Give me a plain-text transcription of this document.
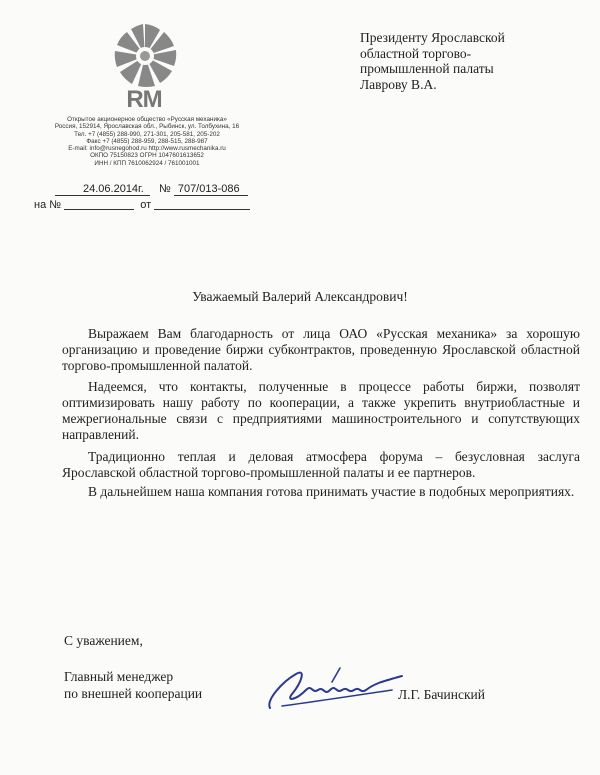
RM
Открытое акционерное общество «Русская механика»
Россия, 152914, Ярославская обл., Рыбинск, ул. Толбухина, 16
Тел. +7 (4855) 288-990, 271-301, 205-581, 205-202
Факс +7 (4855) 288-959, 288-515, 288-987
E-mail: info@rusnegohod.ru http://www.rusmechanika.ru
ОКПО 75150823 ОГРН 1047601613652
ИНН / КПП 7610062924 / 761001001
24.06.2014г. № 707/013-086
на №	от
Президенту Ярославской
областной торгово-
промышленной палаты
Лаврову В.А.
Уважаемый Валерий Александрович!
Выражаем Вам благодарность от лица ОАО «Русская механика» за хорошую организацию и проведение биржи субконтрактов, проведенную Ярославской областной торгово-промышленной палатой.
Надеемся, что контакты, полученные в процессе работы биржи, позволят оптимизировать нашу работу по кооперации, а также укрепить внутриобластные и межрегиональные связи с предприятиями машиностроительного и сопутствующих направлений.
Традиционно теплая и деловая атмосфера форума – безусловная заслуга Ярославской областной торгово-промышленной палаты и ее партнеров.
В дальнейшем наша компания готова принимать участие в подобных мероприятиях.
С уважением,
Главный менеджер
по внешней кооперации	Л.Г. Бачинский
